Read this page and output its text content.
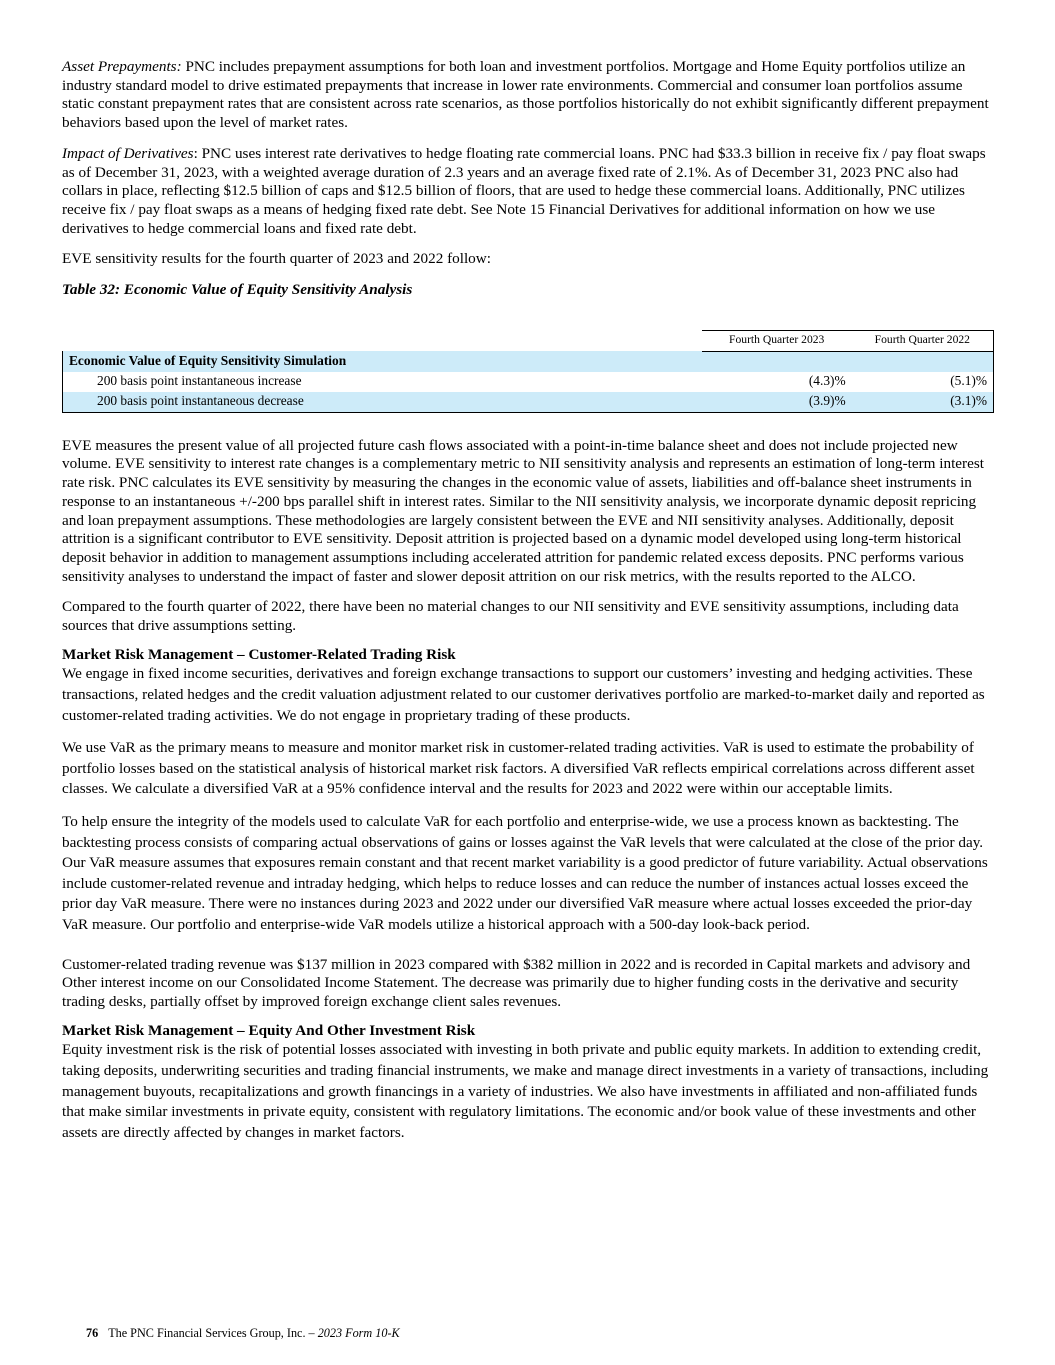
Asset Prepayments: PNC includes prepayment assumptions for both loan and investment portfolios. Mortgage and Home Equity portfolios utilize an industry standard model to drive estimated prepayments that increase in lower rate environments. Commercial and consumer loan portfolios assume static constant prepayment rates that are consistent across rate scenarios, as those portfolios historically do not exhibit significantly different prepayment behaviors based upon the level of market rates.

Impact of Derivatives: PNC uses interest rate derivatives to hedge floating rate commercial loans. PNC had $33.3 billion in receive fix / pay float swaps as of December 31, 2023, with a weighted average duration of 2.3 years and an average fixed rate of 2.1%. As of December 31, 2023 PNC also had collars in place, reflecting $12.5 billion of caps and $12.5 billion of floors, that are used to hedge these commercial loans. Additionally, PNC utilizes receive fix / pay float swaps as a means of hedging fixed rate debt. See Note 15 Financial Derivatives for additional information on how we use derivatives to hedge commercial loans and fixed rate debt.

EVE sensitivity results for the fourth quarter of 2023 and 2022 follow:

Table 32: Economic Value of Equity Sensitivity Analysis

	Fourth Quarter 2023	Fourth Quarter 2022
Economic Value of Equity Sensitivity Simulation		
200 basis point instantaneous increase	(4.3)%	(5.1)%
200 basis point instantaneous decrease	(3.9)%	(3.1)%

EVE measures the present value of all projected future cash flows associated with a point-in-time balance sheet and does not include projected new volume. EVE sensitivity to interest rate changes is a complementary metric to NII sensitivity analysis and represents an estimation of long-term interest rate risk. PNC calculates its EVE sensitivity by measuring the changes in the economic value of assets, liabilities and off-balance sheet instruments in response to an instantaneous +/-200 bps parallel shift in interest rates. Similar to the NII sensitivity analysis, we incorporate dynamic deposit repricing and loan prepayment assumptions. These methodologies are largely consistent between the EVE and NII sensitivity analyses. Additionally, deposit attrition is a significant contributor to EVE sensitivity. Deposit attrition is projected based on a dynamic model developed using long-term historical deposit behavior in addition to management assumptions including accelerated attrition for pandemic related excess deposits. PNC performs various sensitivity analyses to understand the impact of faster and slower deposit attrition on our risk metrics, with the results reported to the ALCO.

Compared to the fourth quarter of 2022, there have been no material changes to our NII sensitivity and EVE sensitivity assumptions, including data sources that drive assumptions setting.

Market Risk Management – Customer-Related Trading Risk

We engage in fixed income securities, derivatives and foreign exchange transactions to support our customers’ investing and hedging activities. These transactions, related hedges and the credit valuation adjustment related to our customer derivatives portfolio are marked-to-market daily and reported as customer-related trading activities. We do not engage in proprietary trading of these products.

We use VaR as the primary means to measure and monitor market risk in customer-related trading activities. VaR is used to estimate the probability of portfolio losses based on the statistical analysis of historical market risk factors. A diversified VaR reflects empirical correlations across different asset classes. We calculate a diversified VaR at a 95% confidence interval and the results for 2023 and 2022 were within our acceptable limits.

To help ensure the integrity of the models used to calculate VaR for each portfolio and enterprise-wide, we use a process known as backtesting. The backtesting process consists of comparing actual observations of gains or losses against the VaR levels that were calculated at the close of the prior day. Our VaR measure assumes that exposures remain constant and that recent market variability is a good predictor of future variability. Actual observations include customer-related revenue and intraday hedging, which helps to reduce losses and can reduce the number of instances actual losses exceed the prior day VaR measure. There were no instances during 2023 and 2022 under our diversified VaR measure where actual losses exceeded the prior-day VaR measure. Our portfolio and enterprise-wide VaR models utilize a historical approach with a 500-day look-back period.

Customer-related trading revenue was $137 million in 2023 compared with $382 million in 2022 and is recorded in Capital markets and advisory and Other interest income on our Consolidated Income Statement. The decrease was primarily due to higher funding costs in the derivative and security trading desks, partially offset by improved foreign exchange client sales revenues.

Market Risk Management – Equity And Other Investment Risk

Equity investment risk is the risk of potential losses associated with investing in both private and public equity markets. In addition to extending credit, taking deposits, underwriting securities and trading financial instruments, we make and manage direct investments in a variety of transactions, including management buyouts, recapitalizations and growth financings in a variety of industries. We also have investments in affiliated and non-affiliated funds that make similar investments in private equity, consistent with regulatory limitations. The economic and/or book value of these investments and other assets are directly affected by changes in market factors.

76 The PNC Financial Services Group, Inc. – 2023 Form 10-K
